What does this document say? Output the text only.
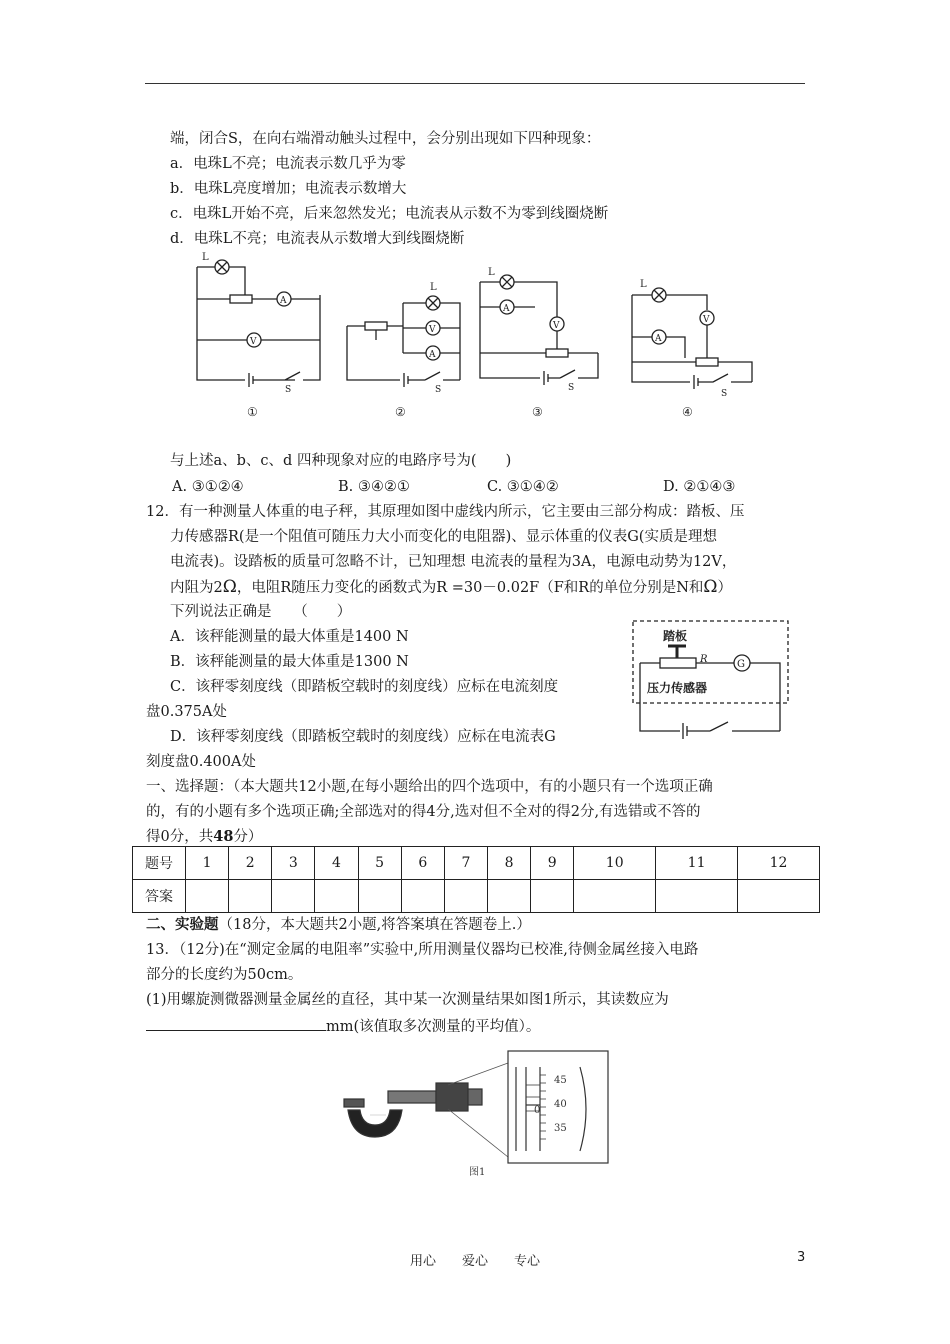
端，闭合S，在向右端滑动触头过程中，会分别出现如下四种现象：
a．电珠L不亮；电流表示数几乎为零
b．电珠L亮度增加；电流表示数增大
c．电珠L开始不亮，后来忽然发光；电流表从示数不为零到线圈烧断
d．电珠L不亮；电流表从示数增大到线圈烧断
L
S
A
V
①
L
V
A
S
②
L
A
S
V
③
L
V
A
S
④
与上述a、b、c、d 四种现象对应的电路序号为(　　)
A. ③①②④	B. ③④②①	C. ③①④②	D. ②①④③
12．有一种测量人体重的电子秤，其原理如图中虚线内所示，它主要由三部分构成：踏板、压
力传感器R(是一个阻值可随压力大小而变化的电阻器)、显示体重的仪表G(实质是理想
电流表)。设踏板的质量可忽略不计，已知理想 电流表的量程为3A，电源电动势为12V，
内阻为2Ω，电阻R随压力变化的函数式为R =30－0.02F（F和R的单位分别是N和Ω）
下列说法正确是　　（　　）
A．该秤能测量的最大体重是1400 N
B．该秤能测量的最大体重是1300 N
C．该秤零刻度线（即踏板空载时的刻度线）应标在电流刻度
盘0.375A处
D．该秤零刻度线（即踏板空载时的刻度线）应标在电流表G
刻度盘0.400A处
踏板
R	G
压力传感器
一、选择题：（本大题共12小题,在每小题给出的四个选项中，有的小题只有一个选项正确
的，有的小题有多个选项正确;全部选对的得4分,选对但不全对的得2分,有选错或不答的
得0分，共48分）
题号	1	2	3	4	5	6	7	8	9	10	11	12
答案												
二、实验题（18分，本大题共2小题,将答案填在答题卷上.）
13．（12分)在“测定金属的电阻率”实验中,所用测量仪器均已校准,待侧金属丝接入电路
部分的长度约为50cm。
(1)用螺旋测微器测量金属丝的直径，其中某一次测量结果如图1所示，其读数应为
mm(该值取多次测量的平均值）。
0
45
40
35
图1
用心　　爱心　　专心	3
